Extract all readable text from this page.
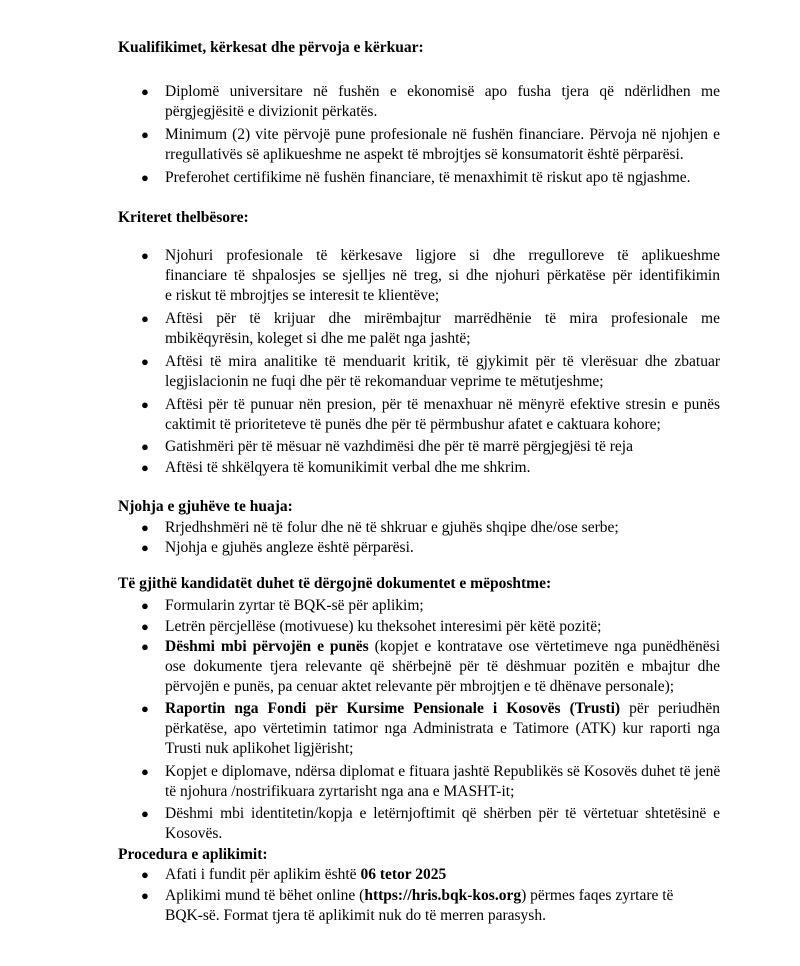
Kualifikimet, kërkesat dhe përvoja e kërkuar:
●	Diplomë universitare në fushën e ekonomisë apo fusha tjera që ndërlidhen me
përgjegjësitë e divizionit përkatës.
●	Minimum (2) vite përvojë pune profesionale në fushën financiare. Përvoja në njohjen e
rregullativës së aplikueshme ne aspekt të mbrojtjes së konsumatorit është përparësi.
●	Preferohet certifikime në fushën financiare, të menaxhimit të riskut apo të ngjashme.
Kriteret thelbësore:
●	Njohuri profesionale të kërkesave ligjore si dhe rregulloreve të aplikueshme
financiare të shpalosjes se sjelljes në treg, si dhe njohuri përkatëse për identifikimin
e riskut të mbrojtjes se interesit te klientëve;
●	Aftësi për të krijuar dhe mirëmbajtur marrëdhënie të mira profesionale me
mbikëqyrësin, koleget si dhe me palët nga jashtë;
●	Aftësi të mira analitike të menduarit kritik, të gjykimit për të vlerësuar dhe zbatuar
legjislacionin ne fuqi dhe për të rekomanduar veprime te mëtutjeshme;
●	Aftësi për të punuar nën presion, për të menaxhuar në mënyrë efektive stresin e punës
caktimit të prioriteteve të punës dhe për të përmbushur afatet e caktuara kohore;
●	Gatishmëri për të mësuar në vazhdimësi dhe për të marrë përgjegjësi të reja
●	Aftësi të shkëlqyera të komunikimit verbal dhe me shkrim.
Njohja e gjuhëve te huaja:
●	Rrjedhshmëri në të folur dhe në të shkruar e gjuhës shqipe dhe/ose serbe;
●	Njohja e gjuhës angleze është përparësi.
Të gjithë kandidatët duhet të dërgojnë dokumentet e mëposhtme:
●	Formularin zyrtar të BQK-së për aplikim;
●	Letrën përcjellëse (motivuese) ku theksohet interesimi për këtë pozitë;
●	Dëshmi mbi përvojën e punës (kopjet e kontratave ose vërtetimeve nga punëdhënësi
ose dokumente tjera relevante që shërbejnë për të dëshmuar pozitën e mbajtur dhe
përvojën e punës, pa cenuar aktet relevante për mbrojtjen e të dhënave personale);
●	Raportin nga Fondi për Kursime Pensionale i Kosovës (Trusti) për periudhën
përkatëse, apo vërtetimin tatimor nga Administrata e Tatimore (ATK) kur raporti nga
Trusti nuk aplikohet ligjërisht;
●	Kopjet e diplomave, ndërsa diplomat e fituara jashtë Republikës së Kosovës duhet të jenë
të njohura /nostrifikuara zyrtarisht nga ana e MASHT-it;
●	Dëshmi mbi identitetin/kopja e letërnjoftimit që shërben për të vërtetuar shtetësinë e
Kosovës.
Procedura e aplikimit:
●	Afati i fundit për aplikim është 06 tetor 2025
●	Aplikimi mund të bëhet online (https://hris.bqk-kos.org) përmes faqes zyrtare të
BQK-së. Format tjera të aplikimit nuk do të merren parasysh.
